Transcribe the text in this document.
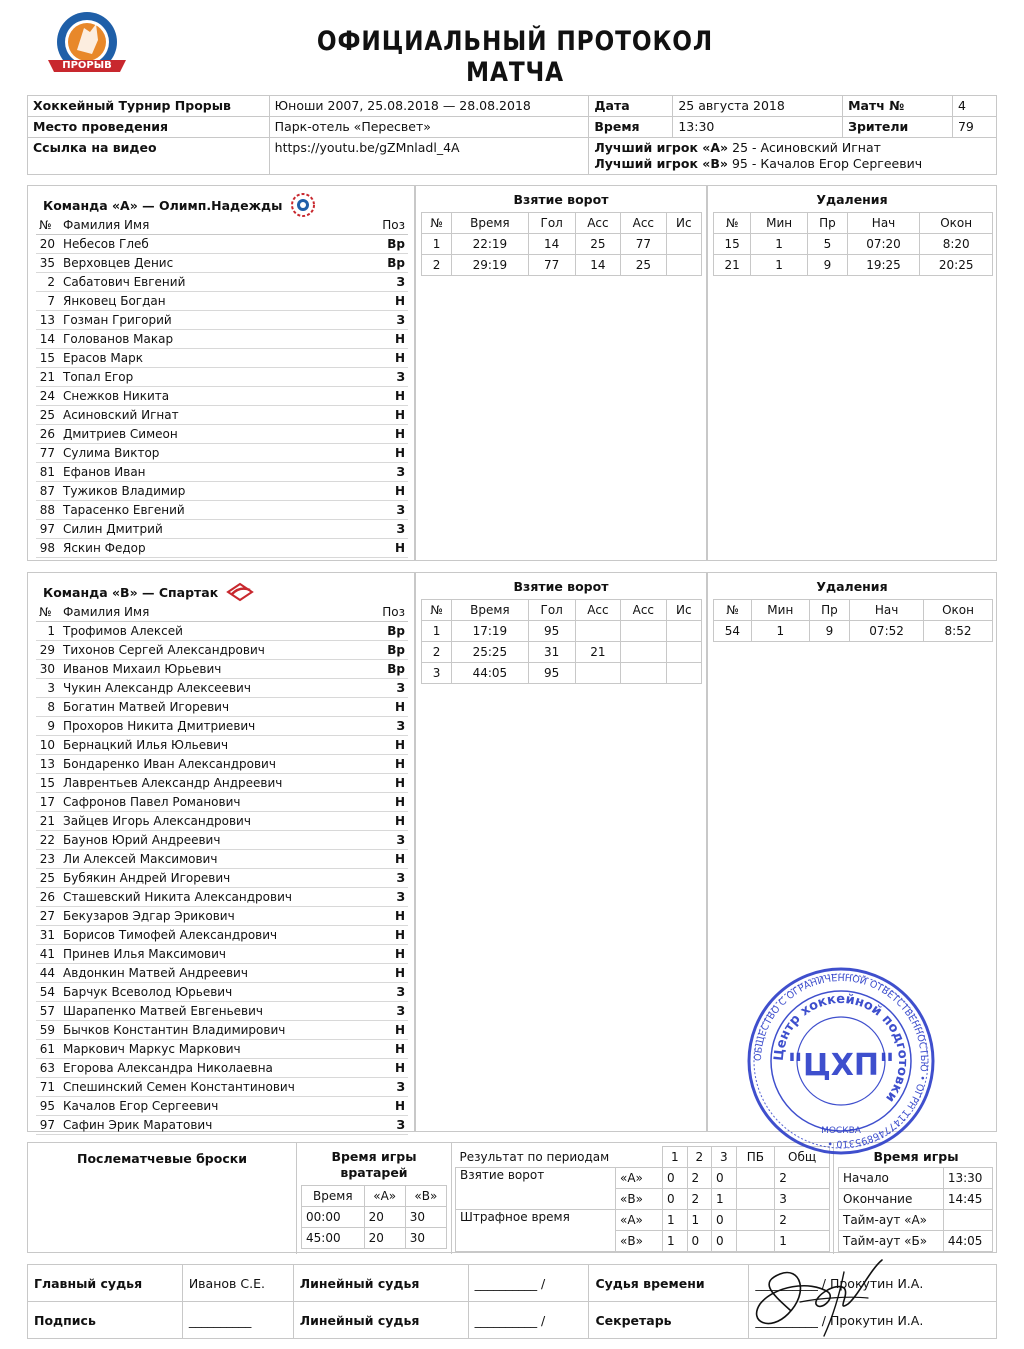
ПРОРЫВ
ОФИЦИАЛЬНЫЙ ПРОТОКОЛ МАТЧА
Хоккейный Турнир Прорыв	Юноши 2007, 25.08.2018 — 28.08.2018	Дата	25 августа 2018	Матч №	4
Место проведения	Парк-отель «Пересвет»	Время	13:30	Зрители	79
Ссылка на видео	https://youtu.be/gZMnladl_4A	Лучший игрок «А» 25 - Асиновский Игнат
Лучший игрок «В» 95 - Качалов Егор Сергеевич			
Команда «А» — Олимп.Надежды
№	Фамилия Имя	Поз
20	Небесов Глеб	Вр
35	Верховцев Денис	Вр
2	Сабатович Евгений	З
7	Янковец Богдан	Н
13	Гозман Григорий	З
14	Голованов Макар	Н
15	Ерасов Марк	Н
21	Топал Егор	З
24	Снежков Никита	Н
25	Асиновский Игнат	Н
26	Дмитриев Симеон	Н
77	Сулима Виктор	Н
81	Ефанов Иван	З
87	Тужиков Владимир	Н
88	Тарасенко Евгений	З
97	Силин Дмитрий	З
98	Яскин Федор	Н
Взятие ворот
№	Время	Гол	Асс	Асс	Ис
1	22:19	14	25	77	
2	29:19	77	14	25	
Удаления
№	Мин	Пр	Нач	Окон
15	1	5	07:20	8:20
21	1	9	19:25	20:25
Команда «В» — Спартак
№	Фамилия Имя	Поз
1	Трофимов Алексей	Вр
29	Тихонов Сергей Александрович	Вр
30	Иванов Михаил Юрьевич	Вр
3	Чукин Александр Алексеевич	З
8	Богатин Матвей Игоревич	Н
9	Прохоров Никита Дмитриевич	З
10	Бернацкий Илья Юльевич	Н
13	Бондаренко Иван Александрович	Н
15	Лаврентьев Александр Андреевич	Н
17	Сафронов Павел Романович	Н
21	Зайцев Игорь Александрович	Н
22	Баунов Юрий Андреевич	З
23	Ли Алексей Максимович	Н
25	Бубякин Андрей Игоревич	З
26	Сташевский Никита Александрович	З
27	Бекузаров Эдгар Эрикович	Н
31	Борисов Тимофей Александрович	Н
41	Принев Илья Максимович	Н
44	Авдонкин Матвей Андреевич	Н
54	Барчук Всеволод Юрьевич	З
57	Шарапенко Матвей Евгеньевич	З
59	Бычков Константин Владимирович	Н
61	Маркович Маркус Маркович	Н
63	Егорова Александра Николаевна	Н
71	Спешинский Семен Константинович	З
95	Качалов Егор Сергеевич	Н
97	Сафин Эрик Маратович	З
Взятие ворот
№	Время	Гол	Асс	Асс	Ис
1	17:19	95			
2	25:25	31	21		
3	44:05	95			
Удаления
№	Мин	Пр	Нач	Окон
54	1	9	07:52	8:52
Послематчевые броски	Время игры вратарей
Время	«А»	«В»
00:00	20	30
45:00	20	30
Результат по периодам		1	2	3	ПБ	Общ
Взятие ворот	«А»	0	2	0		2
	«В»	0	2	1		3
Штрафное время	«А»	1	1	0		2
	«В»	1	0	0		1
Время игры
Начало	13:30
Окончание	14:45
Тайм-аут «А»	
Тайм-аут «Б»	44:05
Главный судья	Иванов С.Е.	Линейный судья	__________ /	Судья времени	__________ / Прокутин И.А.
Подпись	__________	Линейный судья	__________ /	Секретарь	__________ / Прокутин И.А.
ОБЩЕСТВО С ОГРАНИЧЕННОЙ ОТВЕТСТВЕННОСТЬЮ • ОГРН 1147746895310 •
Центр хоккейной подготовки
"ЦХП"
МОСКВА
